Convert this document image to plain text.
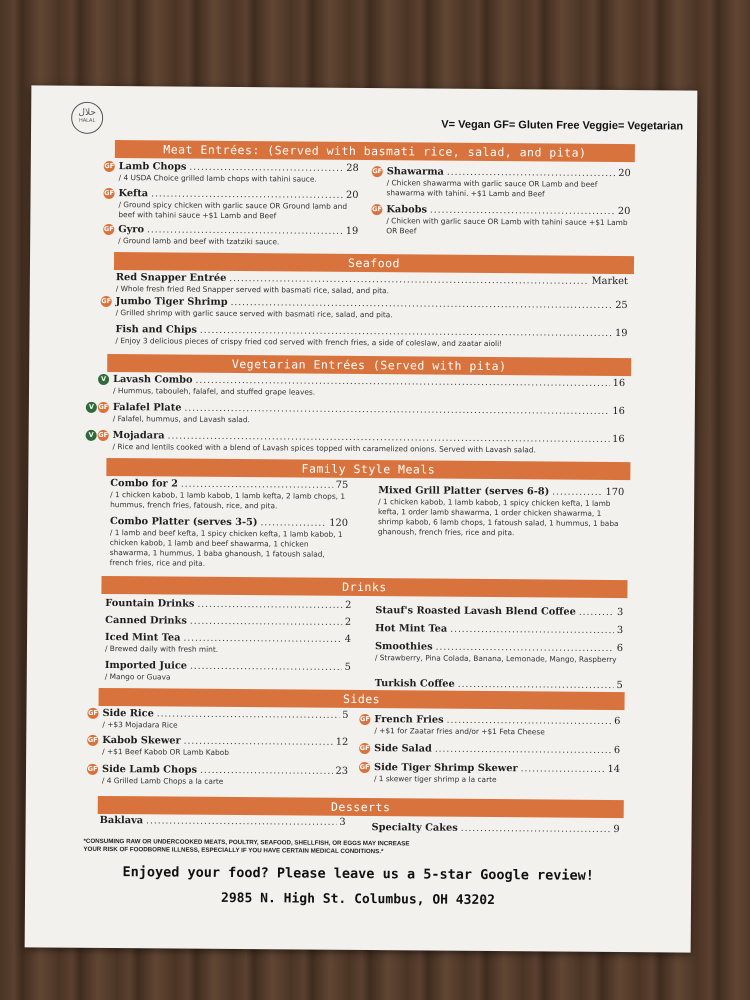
حلال
HALAL	V= Vegan GF= Gluten Free Veggie= Vegetarian
Meat Entrées: (Served with basmati rice, salad, and pita)
GF Lamb Chops .....	28
/ 4 USDA Choice grilled lamb chops with tahini sauce.
GF Kefta .....	20
/ Ground spicy chicken with garlic sauce OR Ground lamb and beef with tahini sauce +$1 Lamb and Beef
GF Gyro .....	19
/ Ground lamb and beef with tzatziki sauce.
GF Shawarma .....	20
/ Chicken shawarma with garlic sauce OR Lamb and beef shawarma with tahini. +$1 Lamb and Beef
GF Kabobs .....	20
/ Chicken with garlic sauce OR Lamb with tahini sauce +$1 Lamb OR Beef
Seafood
Red Snapper Entrée .....	Market
/ Whole fresh fried Red Snapper served with basmati rice, salad, and pita.
GF Jumbo Tiger Shrimp .....	25
/ Grilled shrimp with garlic sauce served with basmati rice, salad, and pita.
Fish and Chips .....	19
/ Enjoy 3 delicious pieces of crispy fried cod served with french fries, a side of coleslaw, and zaatar aioli!
Vegetarian Entrées (Served with pita)
V Lavash Combo .....	16
/ Hummus, tabouleh, falafel, and stuffed grape leaves.
V GF Falafel Plate .....	16
/ Falafel, hummus, and Lavash salad.
V GF Mojadara .....	16
/ Rice and lentils cooked with a blend of Lavash spices topped with caramelized onions. Served with Lavash salad.
Family Style Meals
Combo for 2 .....	75
/ 1 chicken kabob, 1 lamb kabob, 1 lamb kefta, 2 lamb chops, 1 hummus, french fries, fatoush, rice, and pita.
Combo Platter (serves 3-5) .....	120
/ 1 lamb and beef kefta, 1 spicy chicken kefta, 1 lamb kabob, 1 chicken kabob, 1 lamb and beef shawarma, 1 chicken shawarma, 1 hummus, 1 baba ghanoush, 1 fatoush salad, french fries, rice and pita.
Mixed Grill Platter (serves 6-8) .....	170
/ 1 chicken kabob, 1 lamb kabob, 1 spicy chicken kefta, 1 lamb kefta, 1 order lamb shawarma, 1 order chicken shawarma, 1 shrimp kabob, 6 lamb chops, 1 fatoush salad, 1 hummus, 1 baba ghanoush, french fries, rice and pita.
Drinks
Fountain Drinks .....	2
Canned Drinks .....	2
Iced Mint Tea .....	4
/ Brewed daily with fresh mint.
Imported Juice .....	5
/ Mango or Guava
Stauf's Roasted Lavash Blend Coffee .....	3
Hot Mint Tea .....	3
Smoothies .....	6
/ Strawberry, Pina Colada, Banana, Lemonade, Mango, Raspberry
Turkish Coffee .....	5
Sides
GF Side Rice .....	5
/ +$3 Mojadara Rice
GF Kabob Skewer .....	12
/ +$1 Beef Kabob OR Lamb Kabob
GF Side Lamb Chops .....	23
/ 4 Grilled Lamb Chops a la carte
GF French Fries .....	6
/ +$1 for Zaatar fries and/or +$1 Feta Cheese
GF Side Salad .....	6
GF Side Tiger Shrimp Skewer .....	14
/ 1 skewer tiger shrimp a la carte
Desserts
Baklava .....	3	Specialty Cakes .....	9
*CONSUMING RAW OR UNDERCOOKED MEATS, POULTRY, SEAFOOD, SHELLFISH, OR EGGS MAY INCREASE YOUR RISK OF FOODBORNE ILLNESS, ESPECIALLY IF YOU HAVE CERTAIN MEDICAL CONDITIONS.*
Enjoyed your food? Please leave us a 5-star Google review!
2985 N. High St. Columbus, OH 43202
